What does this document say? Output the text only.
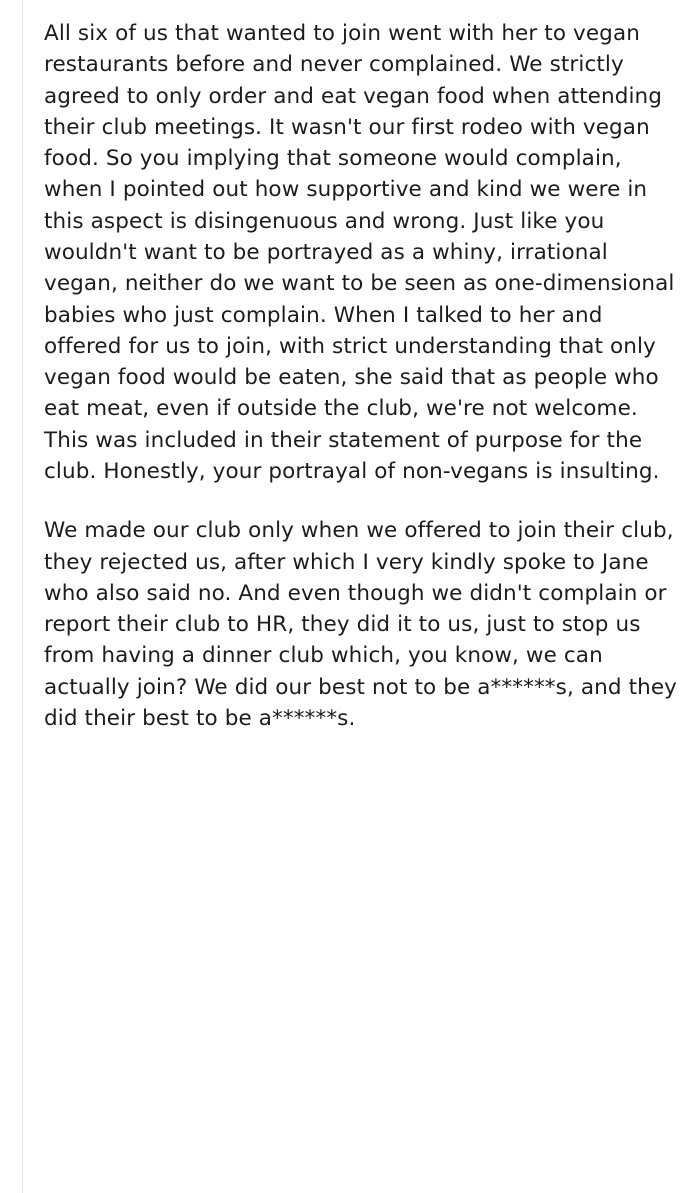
All six of us that wanted to join went with her to vegan restaurants before and never complained. We strictly agreed to only order and eat vegan food when attending their club meetings. It wasn't our first rodeo with vegan food. So you implying that someone would complain, when I pointed out how supportive and kind we were in this aspect is disingenuous and wrong. Just like you wouldn't want to be portrayed as a whiny, irrational vegan, neither do we want to be seen as one-dimensional babies who just complain. When I talked to her and offered for us to join, with strict understanding that only vegan food would be eaten, she said that as people who eat meat, even if outside the club, we're not welcome. This was included in their statement of purpose for the club. Honestly, your portrayal of non-vegans is insulting.

We made our club only when we offered to join their club, they rejected us, after which I very kindly spoke to Jane who also said no. And even though we didn't complain or report their club to HR, they did it to us, just to stop us from having a dinner club which, you know, we can actually join? We did our best not to be a******s, and they did their best to be a******s.
